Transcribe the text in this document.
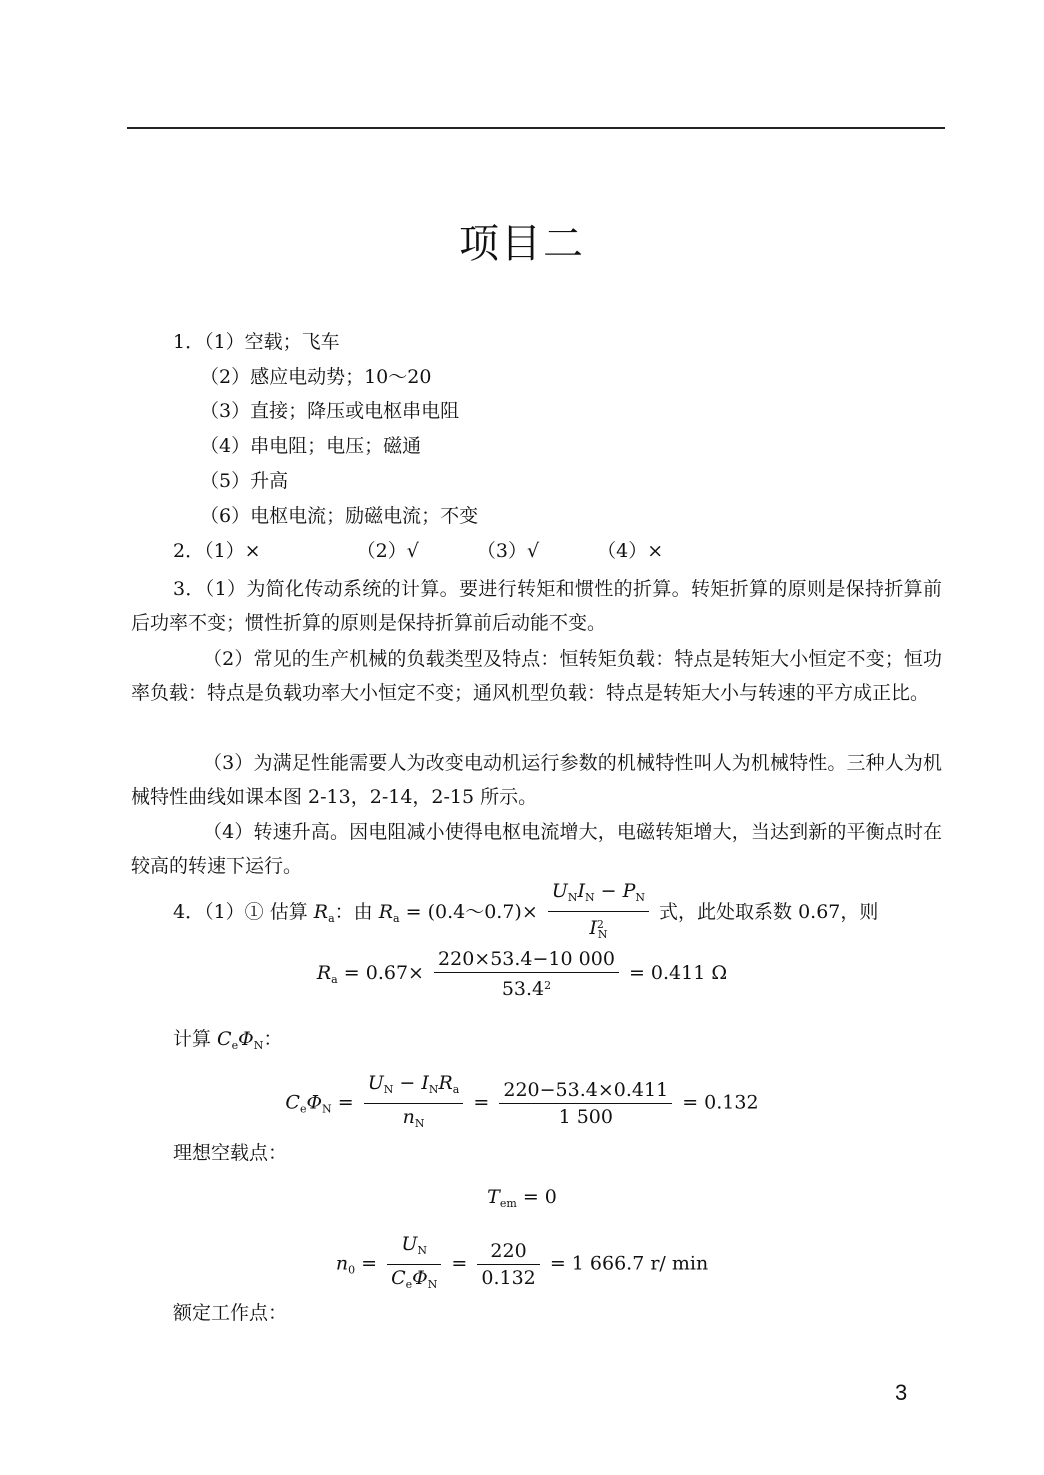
项目二
1．（1）空载；飞车
（2）感应电动势；10～20
（3）直接；降压或电枢串电阻
（4）串电阻；电压；磁通
（5）升高
（6）电枢电流；励磁电流；不变
2．（1）×	（2）√	（3）√	（4）×
3．（1）为简化传动系统的计算。要进行转矩和惯性的折算。转矩折算的原则是保持折算前后功率不变；惯性折算的原则是保持折算前后动能不变。
（2）常见的生产机械的负载类型及特点：恒转矩负载：特点是转矩大小恒定不变；恒功率负载：特点是负载功率大小恒定不变；通风机型负载：特点是转矩大小与转速的平方成正比。
（3）为满足性能需要人为改变电动机运行参数的机械特性叫人为机械特性。三种人为机械特性曲线如课本图 2-13，2-14，2-15 所示。
（4）转速升高。因电阻减小使得电枢电流增大，电磁转矩增大，当达到新的平衡点时在较高的转速下运行。
4．（1）① 估算 $R_a$：由 $R_a$ = (0.4～0.7)× $\frac{U_NI_N - P_N}{I^2_N}$ 式，此处取系数 0.67，则
$R_a = 0.67\times \frac{220\times 53.4-10 000}{53.4^2} = 0.411$ Ω
计算 $C_e\Phi_N$：
$C_e\Phi_N = \frac{U_N - I_NR_a}{n_N} = \frac{220-53.4\times 0.411}{1 500} = 0.132$
理想空载点：
$T_{em} = 0$
$n_0 = \frac{U_N}{C_e\Phi_N} = \frac{220}{0.132} = 1$ 666.7 r/ min
额定工作点：
3
